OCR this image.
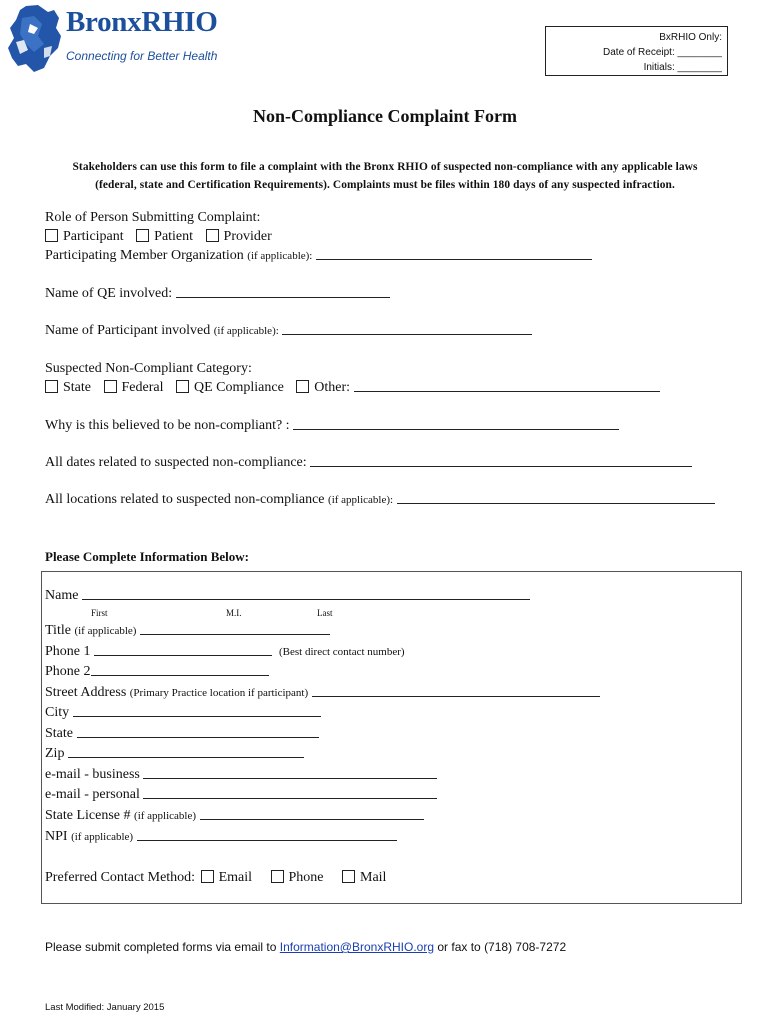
BronxRHIO
Connecting for Better Health
BxRHIO Only:
Date of Receipt: ________
Initials: ________
Non-Compliance Complaint Form
Stakeholders can use this form to file a complaint with the Bronx RHIO of suspected non-compliance with any applicable laws
(federal, state and Certification Requirements). Complaints must be files within 180 days of any suspected infraction.
Role of Person Submitting Complaint:
Participant Patient Provider
Participating Member Organization (if applicable):
Name of QE involved:
Name of Participant involved (if applicable):
Suspected Non-Compliant Category:
State Federal QE Compliance Other:
Why is this believed to be non-compliant? :
All dates related to suspected non-compliance:
All locations related to suspected non-compliance (if applicable):
Please Complete Information Below:
Name
First	M.I.	Last
Title (if applicable)
Phone 1	(Best direct contact number)
Phone 2
Street Address (Primary Practice location if participant)
City
State
Zip
e-mail - business
e-mail - personal
State License # (if applicable)
NPI (if applicable)
Preferred Contact Method: Email	Phone	Mail
Please submit completed forms via email to Information@BronxRHIO.org or fax to (718) 708-7272
Last Modified: January 2015
